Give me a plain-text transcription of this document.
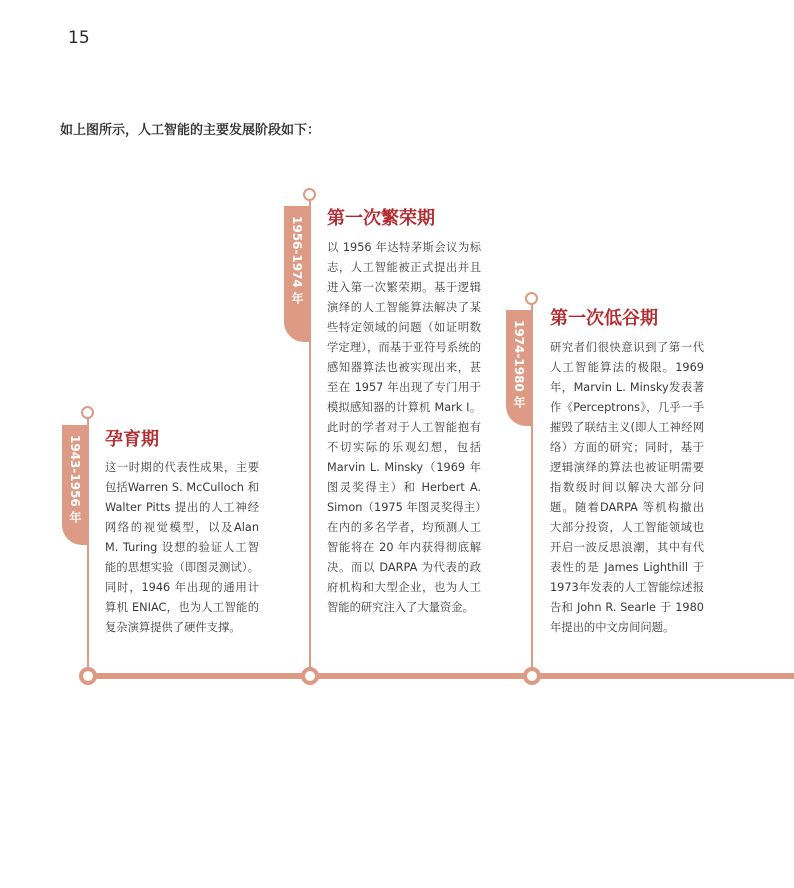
15
如上图所示，人工智能的主要发展阶段如下：
1943-1956 年	孕育期
这一时期的代表性成果，主要包括Warren S. McCulloch 和 Walter Pitts 提出的人工神经网络的视觉模型，以及Alan M. Turing 设想的验证人工智能的思想实验（即图灵测试）。同时，1946 年出现的通用计算机 ENIAC，也为人工智能的复杂演算提供了硬件支撑。
1956-1974 年	第一次繁荣期
以 1956 年达特茅斯会议为标志，人工智能被正式提出并且进入第一次繁荣期。基于逻辑演绎的人工智能算法解决了某些特定领域的问题（如证明数学定理），而基于亚符号系统的感知器算法也被实现出来，甚至在 1957 年出现了专门用于模拟感知器的计算机 Mark I。此时的学者对于人工智能抱有不切实际的乐观幻想，包括Marvin L. Minsky（1969 年图灵奖得主）和 Herbert A. Simon（1975 年图灵奖得主）在内的多名学者，均预测人工智能将在 20 年内获得彻底解决。而以 DARPA 为代表的政府机构和大型企业，也为人工智能的研究注入了大量资金。
1974-1980 年
第一次低谷期
研究者们很快意识到了第一代人工智能算法的极限。1969 年，Marvin L. Minsky发表著作《Perceptrons》，几乎一手摧毁了联结主义(即人工神经网络）方面的研究；同时，基于逻辑演绎的算法也被证明需要指数级时间以解决大部分问题。随着DARPA 等机构撤出大部分投资，人工智能领域也开启一波反思浪潮，其中有代表性的是 James Lighthill 于 1973年发表的人工智能综述报告和 John R. Searle 于 1980 年提出的中文房间问题。
